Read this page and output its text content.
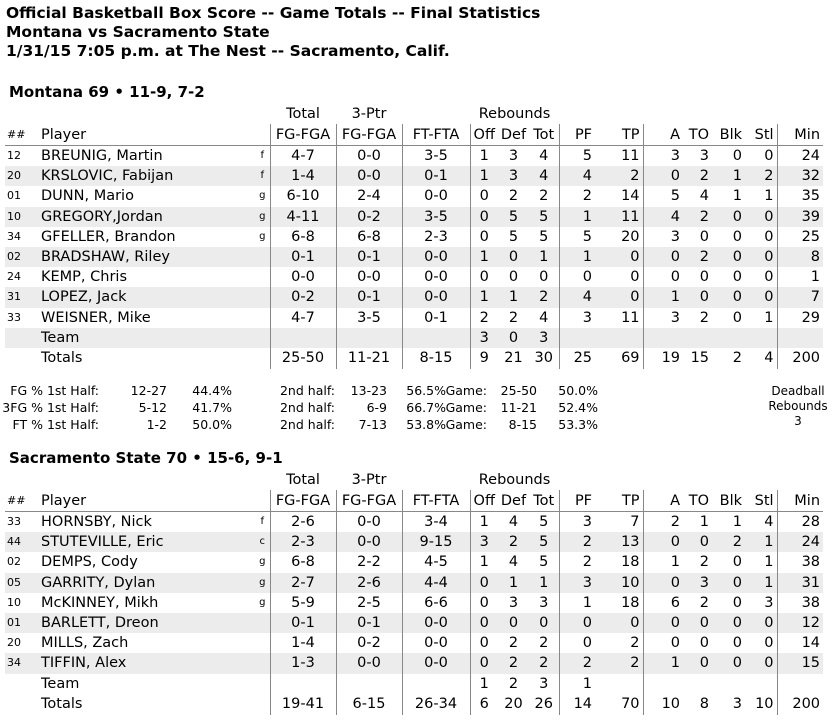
Official Basketball Box Score -- Game Totals -- Final Statistics
Montana vs Sacramento State
1/31/15 7:05 p.m. at The Nest -- Sacramento, Calif.
Montana 69 • 11-9, 7-2
			Total	3-Ptr		Rebounds									
##	Player		FG-FGA	FG-FGA	FT-FTA	Off	Def	Tot	PF	TP	A	TO	Blk	Stl	Min
12	BREUNIG, Martin	f	4-7	0-0	3-5	1	3	4	5	11	3	3	0	0	24
20	KRSLOVIC, Fabijan	f	1-4	0-0	0-1	1	3	4	4	2	0	2	1	2	32
01	DUNN, Mario	g	6-10	2-4	0-0	0	2	2	2	14	5	4	1	1	35
10	GREGORY,Jordan	g	4-11	0-2	3-5	0	5	5	1	11	4	2	0	0	39
34	GFELLER, Brandon	g	6-8	6-8	2-3	0	5	5	5	20	3	0	0	0	25
02	BRADSHAW, Riley		0-1	0-1	0-0	1	0	1	1	0	0	2	0	0	8
24	KEMP, Chris		0-0	0-0	0-0	0	0	0	0	0	0	0	0	0	1
31	LOPEZ, Jack		0-2	0-1	0-0	1	1	2	4	0	1	0	0	0	7
33	WEISNER, Mike		4-7	3-5	0-1	2	2	4	3	11	3	2	0	1	29
	Team					3	0	3							
	Totals		25-50	11-21	8-15	9	21	30	25	69	19	15	2	4	200
FG % 1st Half:	12-27 44.4%	2nd half: 13-23 56.5% Game: 25-50 50.0%
3FG % 1st Half:	5-12 41.7%	2nd half:	6-9 66.7% Game: 11-21 52.4%
FT % 1st Half:	1-2 50.0%	2nd half: 7-13 53.8% Game: 8-15 53.3%
Deadball
Rebounds
3
Sacramento State 70 • 15-6, 9-1
			Total	3-Ptr		Rebounds									
##	Player		FG-FGA	FG-FGA	FT-FTA	Off	Def	Tot	PF	TP	A	TO	Blk	Stl	Min
33	HORNSBY, Nick	f	2-6	0-0	3-4	1	4	5	3	7	2	1	1	4	28
44	STUTEVILLE, Eric	c	2-3	0-0	9-15	3	2	5	2	13	0	0	2	1	24
02	DEMPS, Cody	g	6-8	2-2	4-5	1	4	5	2	18	1	2	0	1	38
05	GARRITY, Dylan	g	2-7	2-6	4-4	0	1	1	3	10	0	3	0	1	31
10	McKINNEY, Mikh	g	5-9	2-5	6-6	0	3	3	1	18	6	2	0	3	38
01	BARLETT, Dreon		0-1	0-1	0-0	0	0	0	0	0	0	0	0	0	12
20	MILLS, Zach		1-4	0-2	0-0	0	2	2	0	2	0	0	0	0	14
34	TIFFIN, Alex		1-3	0-0	0-0	0	2	2	2	2	1	0	0	0	15
	Team					1	2	3	1						
	Totals		19-41	6-15	26-34	6	20	26	14	70	10	8	3	10	200
